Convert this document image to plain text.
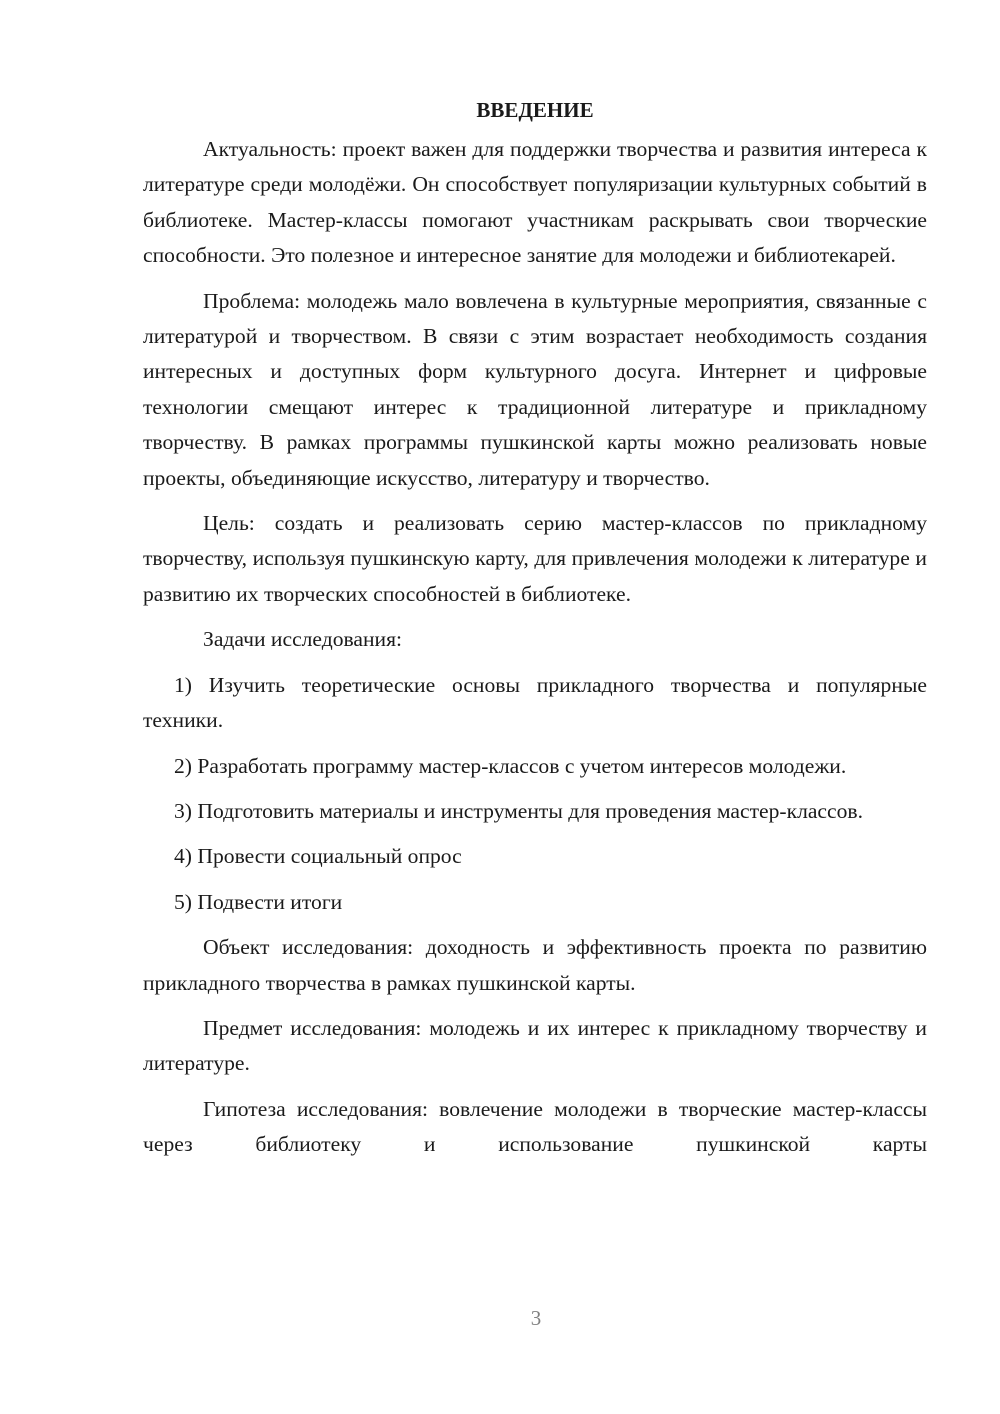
ВВЕДЕНИЕ

Актуальность: проект важен для поддержки творчества и развития интереса к литературе среди молодёжи. Он способствует популяризации культурных событий в библиотеке. Мастер-классы помогают участникам раскрывать свои творческие способности. Это полезное и интересное занятие для молодежи и библиотекарей.

Проблема: молодежь мало вовлечена в культурные мероприятия, связанные с литературой и творчеством. В связи с этим возрастает необходимость создания интересных и доступных форм культурного досуга. Интернет и цифровые технологии смещают интерес к традиционной литературе и прикладному творчеству. В рамках программы пушкинской карты можно реализовать новые проекты, объединяющие искусство, литературу и творчество.

Цель: создать и реализовать серию мастер-классов по прикладному творчеству, используя пушкинскую карту, для привлечения молодежи к литературе и развитию их творческих способностей в библиотеке.

Задачи исследования:

1) Изучить теоретические основы прикладного творчества и популярные техники.

2) Разработать программу мастер-классов с учетом интересов молодежи.

3) Подготовить материалы и инструменты для проведения мастер-классов.

4) Провести социальный опрос

5) Подвести итоги

Объект исследования: доходность и эффективность проекта по развитию прикладного творчества в рамках пушкинской карты.

Предмет исследования: молодежь и их интерес к прикладному творчеству и литературе.

Гипотеза исследования: вовлечение молодежи в творческие мастер-классы через библиотеку и использование пушкинской карты

3
